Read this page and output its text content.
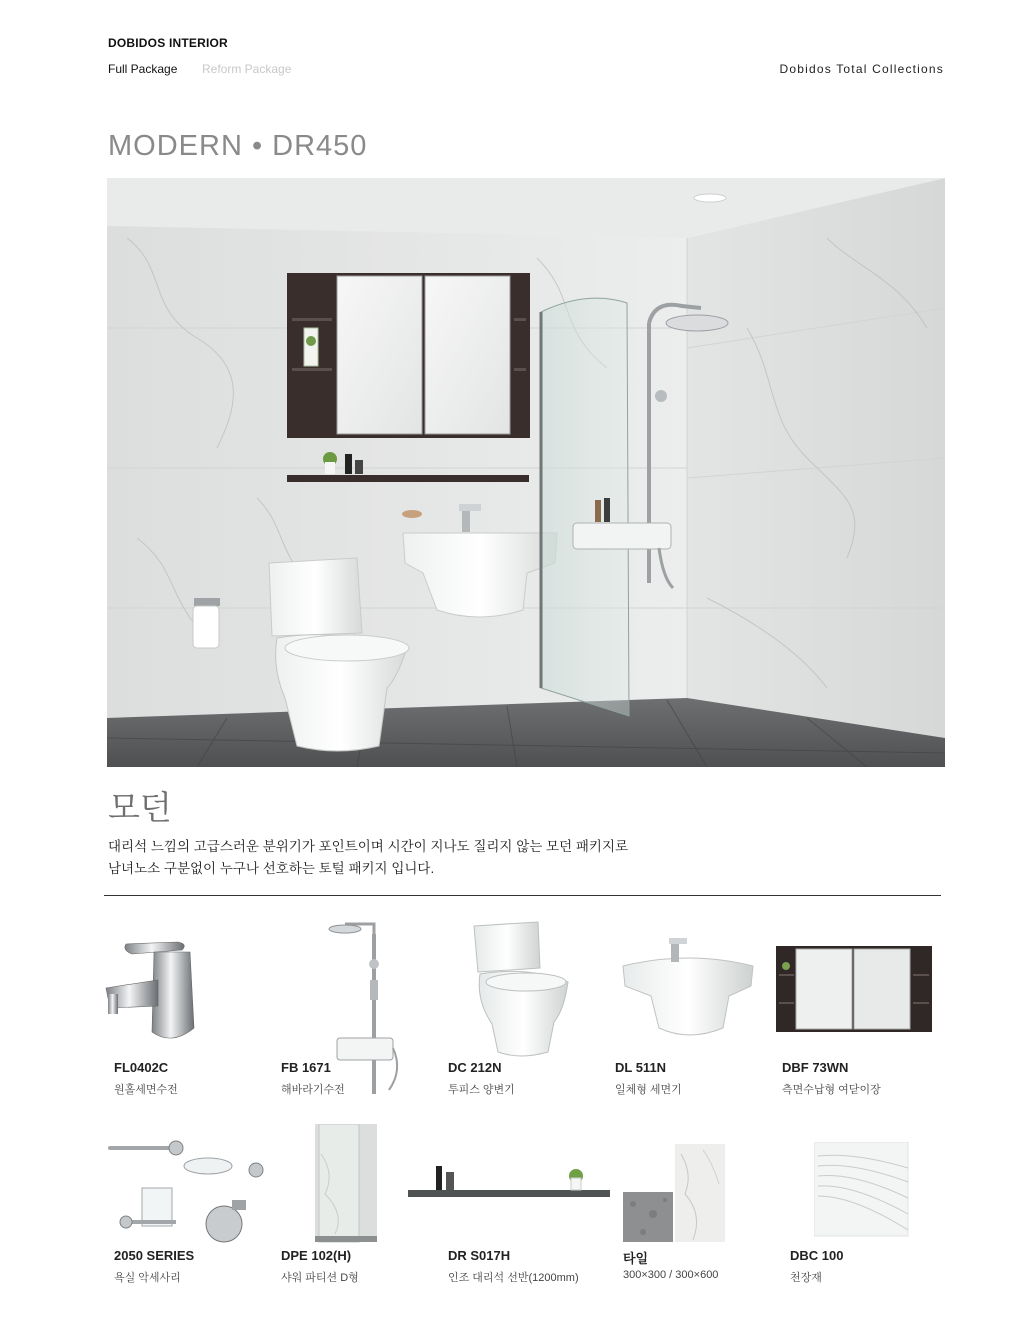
DOBIDOS INTERIOR
Full Package Reform Package	Dobidos Total Collections
MODERN • DR450
모던
대리석 느낌의 고급스러운 분위기가 포인트이며 시간이 지나도 질리지 않는 모던 패키지로
남녀노소 구분없이 누구나 선호하는 토털 패키지 입니다.
FL0402C
원홀세면수전
FB 1671
해바라기수전
DC 212N
투피스 양변기
DL 511N
일체형 세면기
DBF 73WN
측면수납형 여닫이장
2050 SERIES
욕실 악세사리
DPE 102(H)
샤워 파티션 D형
DR S017H
인조 대리석 선반(1200mm)
타일
300×300 / 300×600
DBC 100
천장재
